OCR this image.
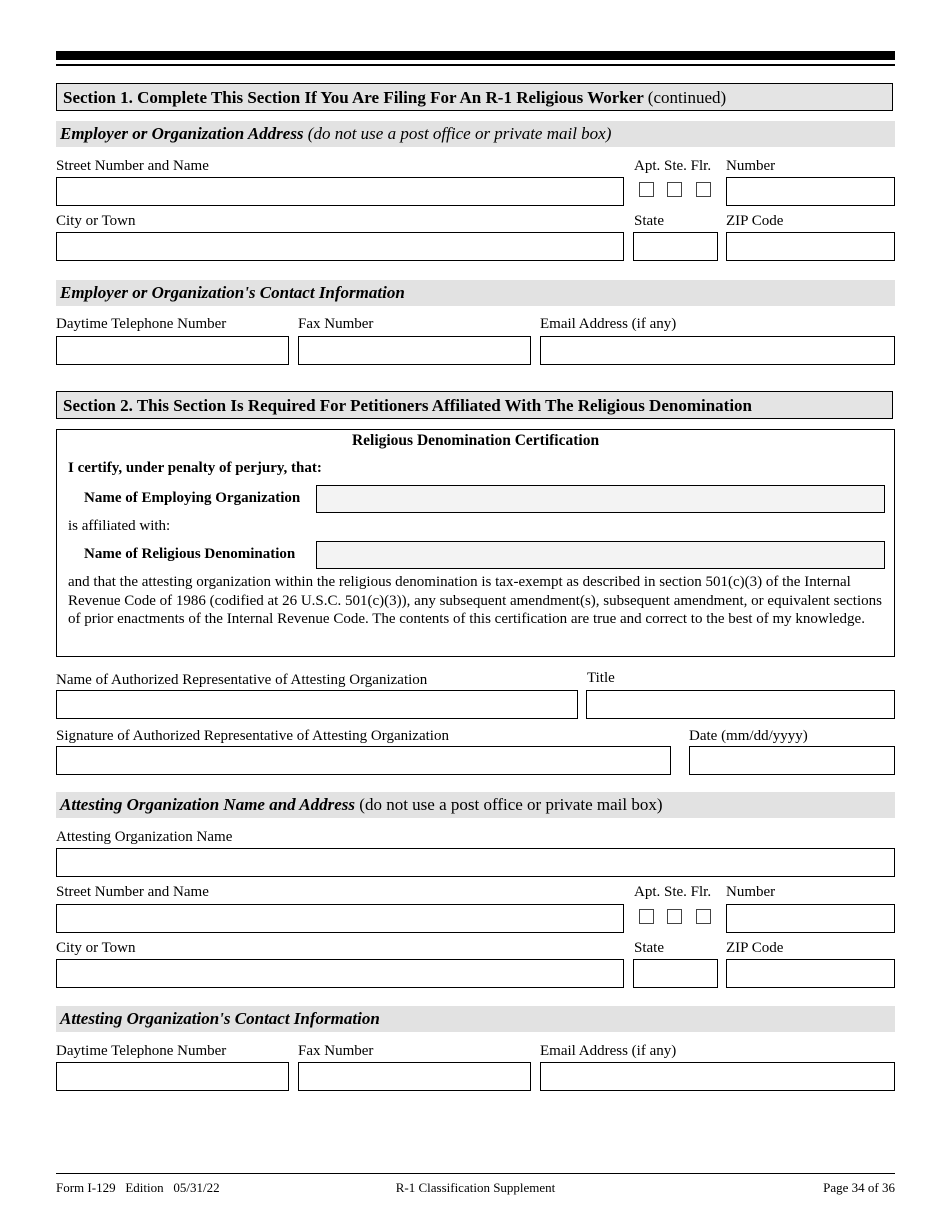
Section 1. Complete This Section If You Are Filing For An R-1 Religious Worker (continued)
Employer or Organization Address (do not use a post office or private mail box)
Street Number and Name	Apt. Ste. Flr. Number
City or Town	State	ZIP Code
Employer or Organization's Contact Information
Daytime Telephone Number	Fax Number	Email Address (if any)
Section 2. This Section Is Required For Petitioners Affiliated With The Religious Denomination
Religious Denomination Certification
I certify, under penalty of perjury, that:
Name of Employing Organization
is affiliated with:
Name of Religious Denomination
and that the attesting organization within the religious denomination is tax-exempt as described in section 501(c)(3) of the Internal Revenue Code of 1986 (codified at 26 U.S.C. 501(c)(3)), any subsequent amendment(s), subsequent amendment, or equivalent sections of prior enactments of the Internal Revenue Code. The contents of this certification are true and correct to the best of my knowledge.
Name of Authorized Representative of Attesting Organization	Title
Signature of Authorized Representative of Attesting Organization	Date (mm/dd/yyyy)
Attesting Organization Name and Address (do not use a post office or private mail box)
Attesting Organization Name
Street Number and Name	Apt. Ste. Flr. Number
City or Town	State	ZIP Code
Attesting Organization's Contact Information
Daytime Telephone Number	Fax Number	Email Address (if any)
Form I-129   Edition   05/31/22	R-1 Classification Supplement	Page 34 of 36
